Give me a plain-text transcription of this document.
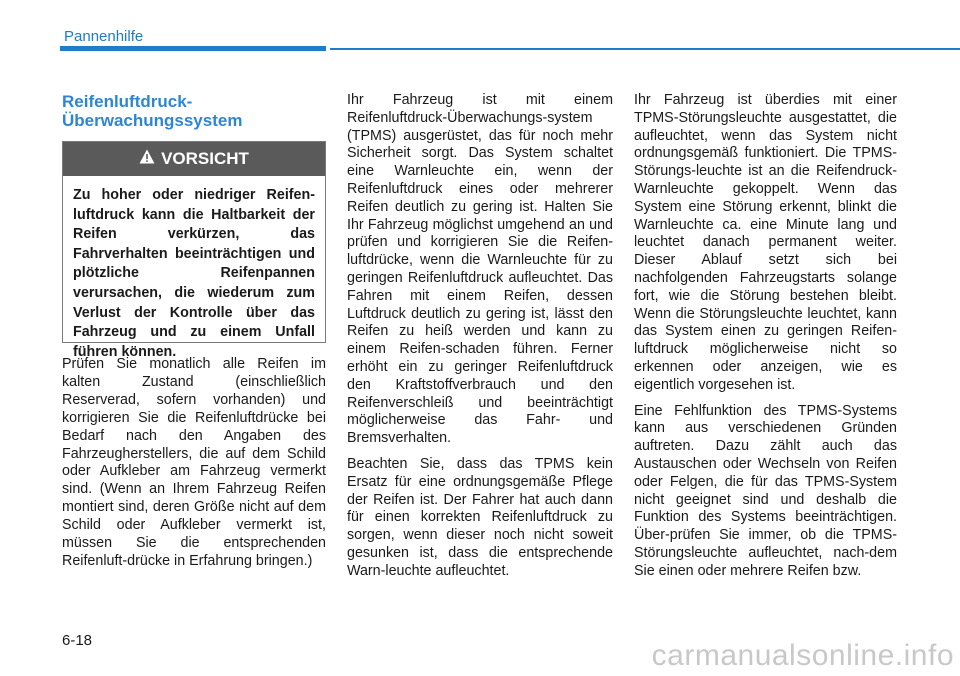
Pannenhilfe
Reifenluftdruck-
Überwachungssystem
VORSICHT
Zu hoher oder niedriger Reifen-luftdruck kann die Haltbarkeit der Reifen verkürzen, das Fahrverhalten beeinträchtigen und plötzliche Reifenpannen verursachen, die wiederum zum Verlust der Kontrolle über das Fahrzeug und zu einem Unfall führen können.
Prüfen Sie monatlich alle Reifen im kalten Zustand (einschließlich Reserverad, sofern vorhanden) und korrigieren Sie die Reifenluftdrücke bei Bedarf nach den Angaben des Fahrzeugherstellers, die auf dem Schild oder Aufkleber am Fahrzeug vermerkt sind. (Wenn an Ihrem Fahrzeug Reifen montiert sind, deren Größe nicht auf dem Schild oder Aufkleber vermerkt ist, müssen Sie die entsprechenden Reifenluft-drücke in Erfahrung bringen.)

Ihr Fahrzeug ist mit einem Reifenluftdruck-Überwachungs-system (TPMS) ausgerüstet, das für noch mehr Sicherheit sorgt. Das System schaltet eine Warnleuchte ein, wenn der Reifenluftdruck eines oder mehrerer Reifen deutlich zu gering ist. Halten Sie Ihr Fahrzeug möglichst umgehend an und prüfen und korrigieren Sie die Reifen-luftdrücke, wenn die Warnleuchte für zu geringen Reifenluftdruck aufleuchtet. Das Fahren mit einem Reifen, dessen Luftdruck deutlich zu gering ist, lässt den Reifen zu heiß werden und kann zu einem Reifen-schaden führen. Ferner erhöht ein zu geringer Reifenluftdruck den Kraftstoffverbrauch und den Reifenverschleiß und beeinträchtigt möglicherweise das Fahr- und Bremsverhalten.

Beachten Sie, dass das TPMS kein Ersatz für eine ordnungsgemäße Pflege der Reifen ist. Der Fahrer hat auch dann für einen korrekten Reifenluftdruck zu sorgen, wenn dieser noch nicht soweit gesunken ist, dass die entsprechende Warn-leuchte aufleuchtet.

Ihr Fahrzeug ist überdies mit einer TPMS-Störungsleuchte ausgestattet, die aufleuchtet, wenn das System nicht ordnungsgemäß funktioniert. Die TPMS-Störungs-leuchte ist an die Reifendruck-Warnleuchte gekoppelt. Wenn das System eine Störung erkennt, blinkt die Warnleuchte ca. eine Minute lang und leuchtet danach permanent weiter. Dieser Ablauf setzt sich bei nachfolgenden Fahrzeugstarts solange fort, wie die Störung bestehen bleibt. Wenn die Störungsleuchte leuchtet, kann das System einen zu geringen Reifen-luftdruck möglicherweise nicht so erkennen oder anzeigen, wie es eigentlich vorgesehen ist.

Eine Fehlfunktion des TPMS-Systems kann aus verschiedenen Gründen auftreten. Dazu zählt auch das Austauschen oder Wechseln von Reifen oder Felgen, die für das TPMS-System nicht geeignet sind und deshalb die Funktion des Systems beeinträchtigen. Über-prüfen Sie immer, ob die TPMS-Störungsleuchte aufleuchtet, nach-dem Sie einen oder mehrere Reifen bzw.

6-18	carmanualsonline.info
